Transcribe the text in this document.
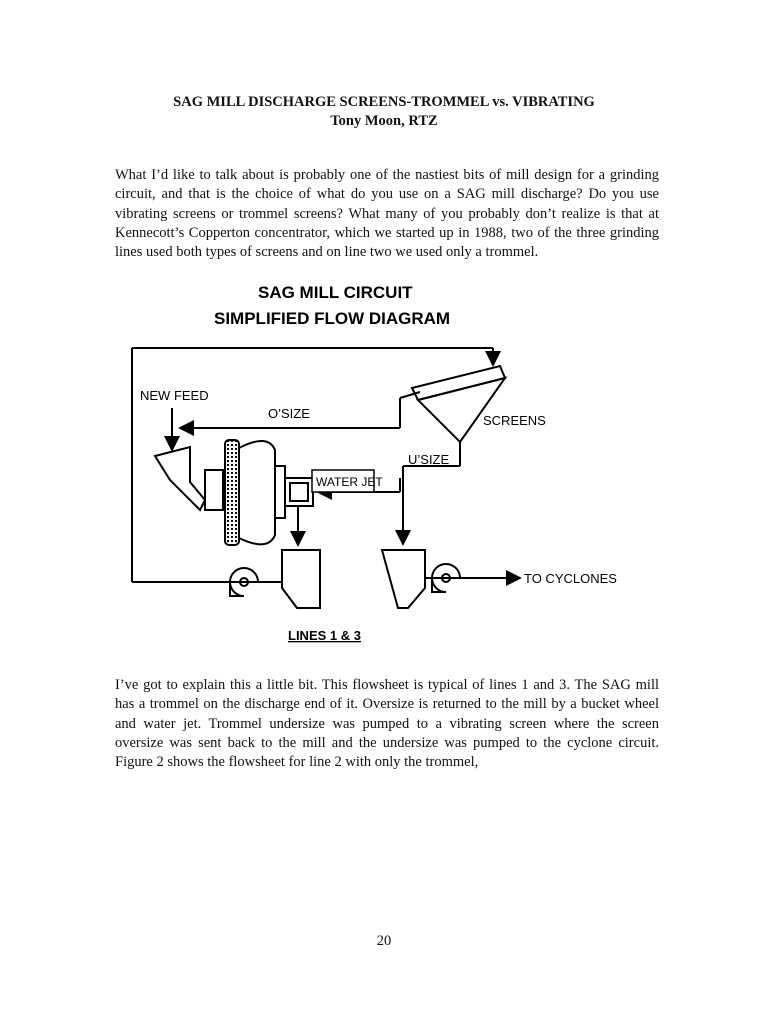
SAG MILL DISCHARGE SCREENS-TROMMEL vs. VIBRATING
Tony Moon, RTZ

What I’d like to talk about is probably one of the nastiest bits of mill design for a grinding circuit, and that is the choice of what do you use on a SAG mill discharge? Do you use vibrating screens or trommel screens? What many of you probably don’t realize is that at Kennecott’s Copperton concentrator, which we started up in 1988, two of the three grinding lines used both types of screens and on line two we used only a trommel.

SAG MILL CIRCUIT
SIMPLIFIED FLOW DIAGRAM
NEW FEED
O’SIZE	SCREENS
U’SIZE
WATER JET
TO CYCLONES
LINES 1 & 3

I’ve got to explain this a little bit. This flowsheet is typical of lines 1 and 3. The SAG mill has a trommel on the discharge end of it. Oversize is returned to the mill by a bucket wheel and water jet. Trommel undersize was pumped to a vibrating screen where the screen oversize was sent back to the mill and the undersize was pumped to the cyclone circuit. Figure 2 shows the flowsheet for line 2 with only the trommel,

20
